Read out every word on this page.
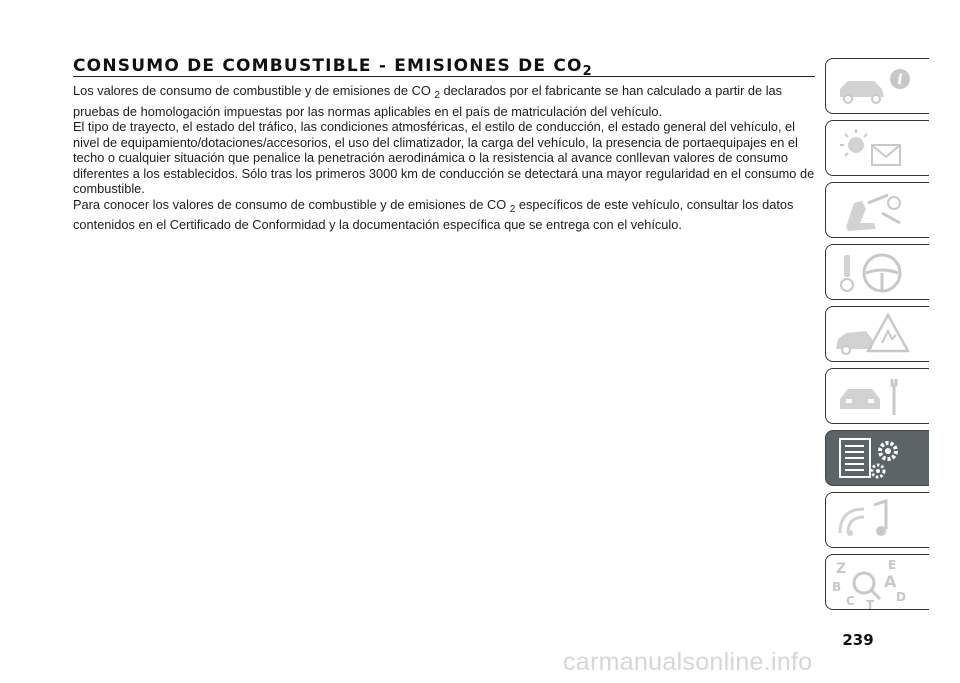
CONSUMO DE COMBUSTIBLE - EMISIONES DE $CO_2$

Los valores de consumo de combustible y de emisiones de CO $_2$ declarados por el fabricante se han calculado a partir de las pruebas de homologación impuestas por las normas aplicables en el país de matriculación del vehículo.

El tipo de trayecto, el estado del tráfico, las condiciones atmosféricas, el estilo de conducción, el estado general del vehículo, el nivel de equipamiento/dotaciones/accesorios, el uso del climatizador, la carga del vehículo, la presencia de portaequipajes en el techo o cualquier situación que penalice la penetración aerodinámica o la resistencia al avance conllevan valores de consumo diferentes a los establecidos. Sólo tras los primeros 3000 km de conducción se detectará una mayor regularidad en el consumo de combustible.

Para conocer los valores de consumo de combustible y de emisiones de CO $_2$ específicos de este vehículo, consultar los datos contenidos en el Certificado de Conformidad y la documentación específica que se entrega con el vehículo.

i
Z	E
B	A
C	D
T
239
carmanualsonline.info
